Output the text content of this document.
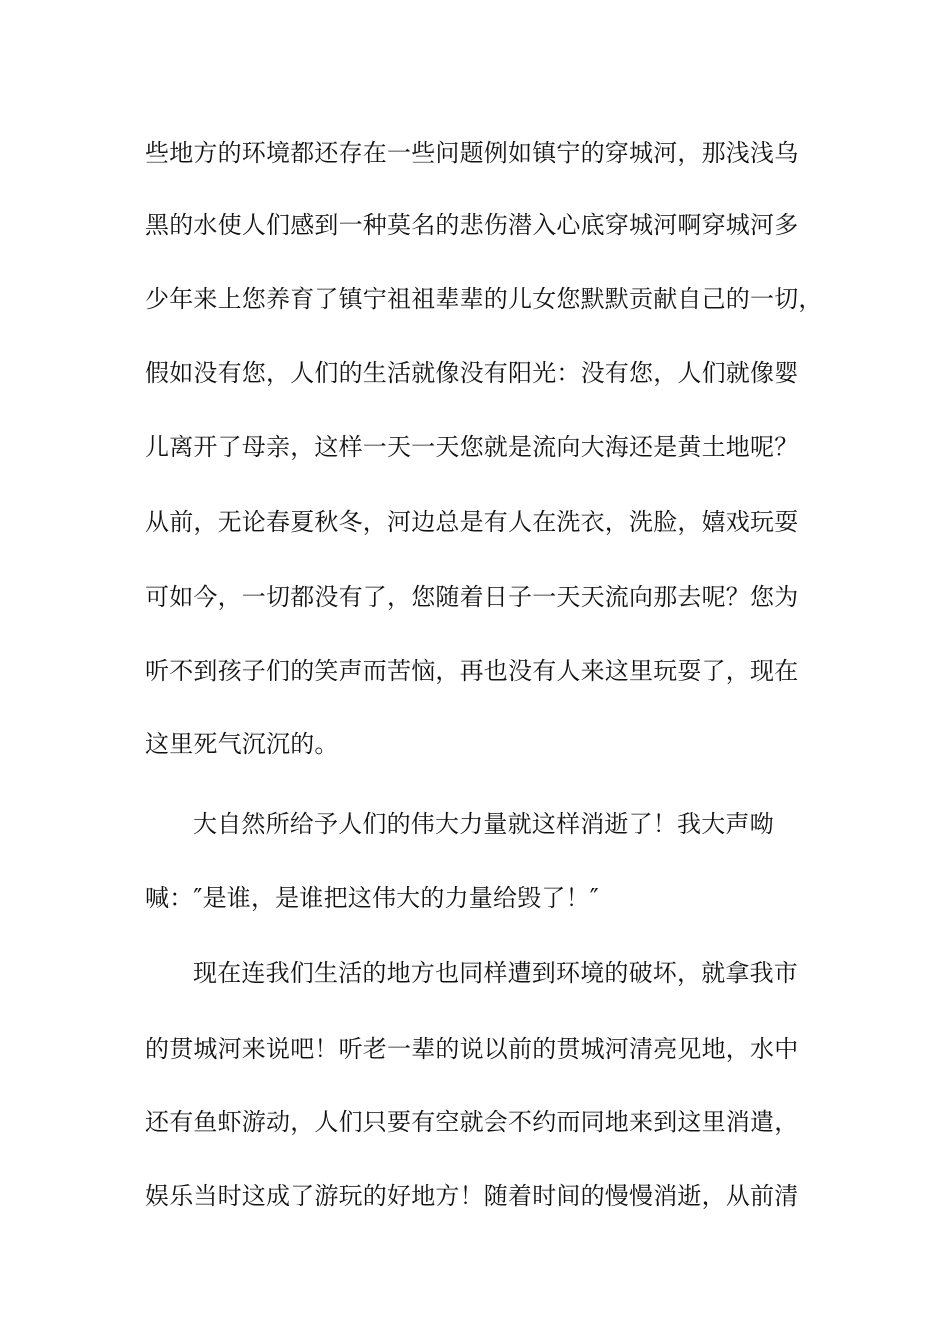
些地方的环境都还存在一些问题例如镇宁的穿城河，那浅浅乌
黑的水使人们感到一种莫名的悲伤潜入心底穿城河啊穿城河多
少年来上您养育了镇宁祖祖辈辈的儿女您默默贡献自己的一切，
假如没有您，人们的生活就像没有阳光：没有您，人们就像婴
儿离开了母亲，这样一天一天您就是流向大海还是黄土地呢？
从前，无论春夏秋冬，河边总是有人在洗衣，洗脸，嬉戏玩耍
可如今，一切都没有了，您随着日子一天天流向那去呢？您为
听不到孩子们的笑声而苦恼，再也没有人来这里玩耍了，现在
这里死气沉沉的。
大自然所给予人们的伟大力量就这样消逝了！我大声呦
喊：″是谁，是谁把这伟大的力量给毁了！″
现在连我们生活的地方也同样遭到环境的破坏，就拿我市
的贯城河来说吧！听老一辈的说以前的贯城河清亮见地，水中
还有鱼虾游动，人们只要有空就会不约而同地来到这里消遣，
娱乐当时这成了游玩的好地方！随着时间的慢慢消逝，从前清
